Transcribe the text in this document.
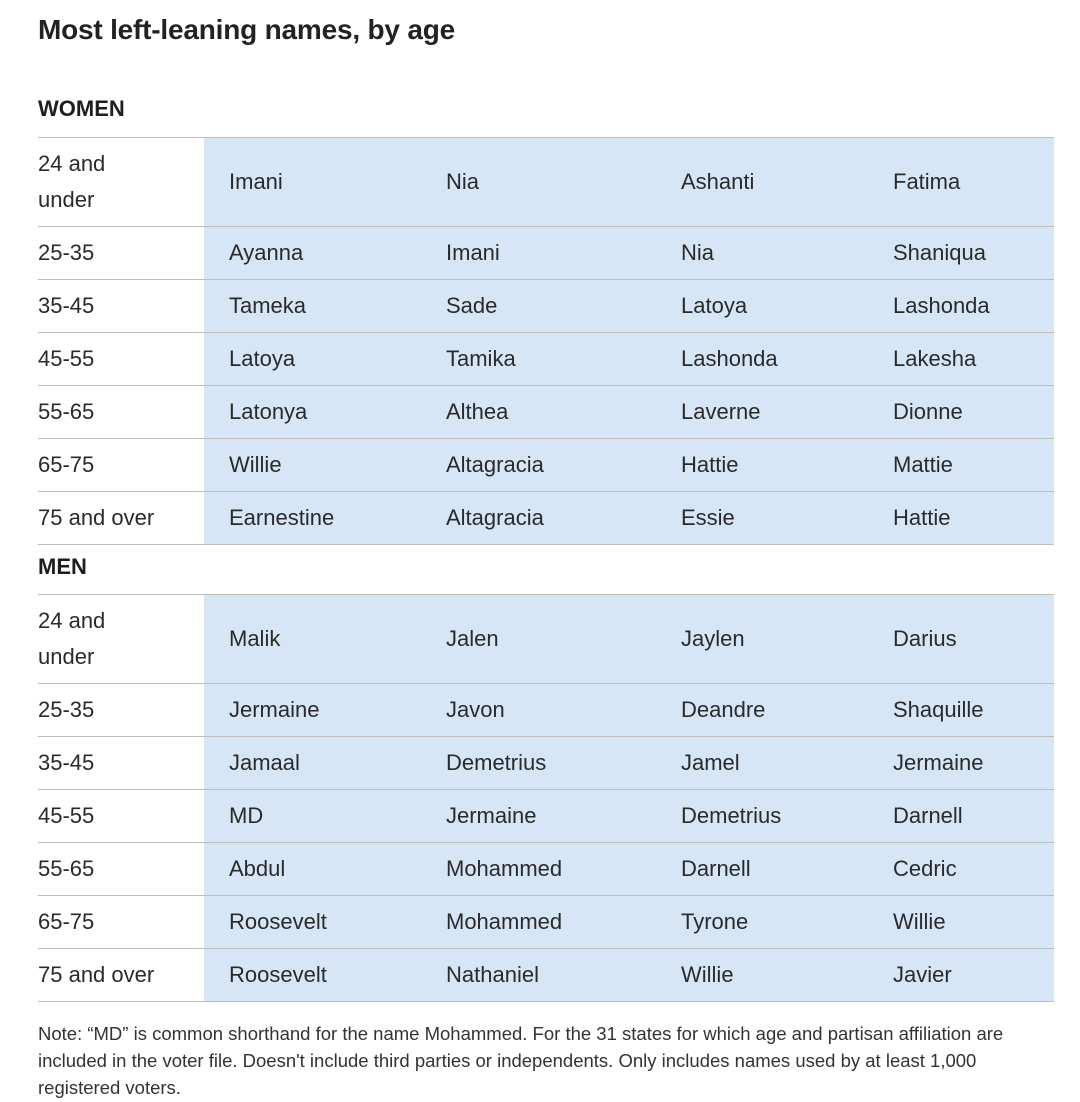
Most left-leaning names, by age
WOMEN
24 and under
Imani	Nia	Ashanti	Fatima
25-35	Ayanna	Imani	Nia	Shaniqua
35-45	Tameka	Sade	Latoya	Lashonda
45-55	Latoya	Tamika	Lashonda	Lakesha
55-65	Latonya	Althea	Laverne	Dionne
65-75	Willie	Altagracia	Hattie	Mattie
75 and over	Earnestine	Altagracia	Essie	Hattie
MEN
24 and under
Malik	Jalen	Jaylen	Darius
25-35	Jermaine	Javon	Deandre	Shaquille
35-45	Jamaal	Demetrius	Jamel	Jermaine
45-55	MD	Jermaine	Demetrius	Darnell
55-65	Abdul	Mohammed	Darnell	Cedric
65-75	Roosevelt	Mohammed	Tyrone	Willie
75 and over	Roosevelt	Nathaniel	Willie	Javier
Note: “MD” is common shorthand for the name Mohammed. For the 31 states for which age and partisan affiliation are included in the voter file. Doesn't include third parties or independents. Only includes names used by at least 1,000 registered voters.
